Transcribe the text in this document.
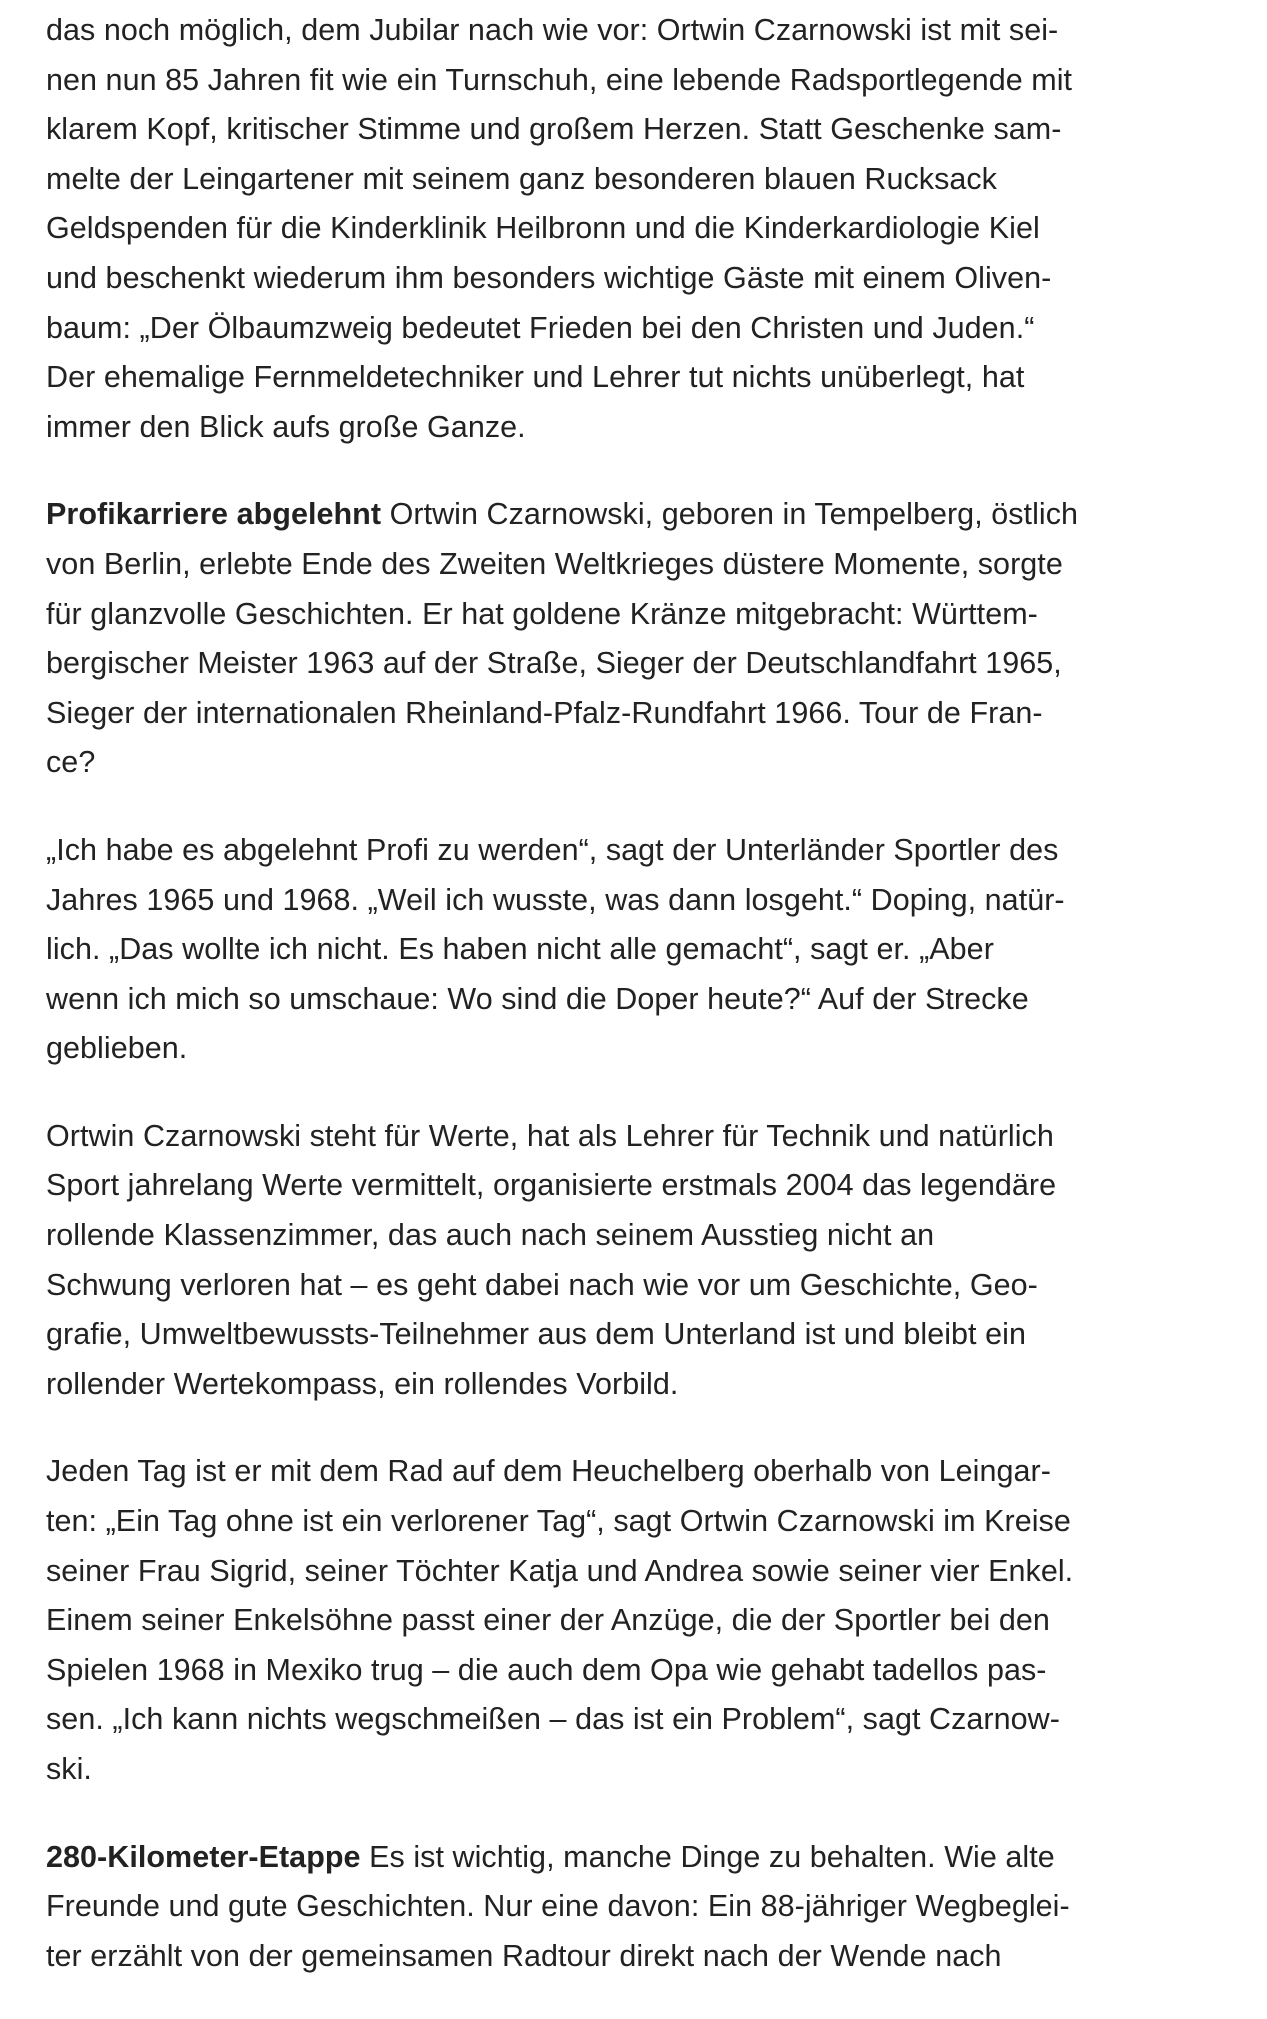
das noch möglich, dem Jubilar nach wie vor: Ortwin Czarnowski ist mit sei-
nen nun 85 Jahren fit wie ein Turnschuh, eine lebende Radsportlegende mit
klarem Kopf, kritischer Stimme und großem Herzen. Statt Geschenke sam-
melte der Leingartener mit seinem ganz besonderen blauen Rucksack
Geldspenden für die Kinderklinik Heilbronn und die Kinderkardiologie Kiel
und beschenkt wiederum ihm besonders wichtige Gäste mit einem Oliven-
baum: „Der Ölbaumzweig bedeutet Frieden bei den Christen und Juden.“
Der ehemalige Fernmeldetechniker und Lehrer tut nichts unüberlegt, hat
immer den Blick aufs große Ganze.

Profikarriere abgelehnt Ortwin Czarnowski, geboren in Tempelberg, östlich
von Berlin, erlebte Ende des Zweiten Weltkrieges düstere Momente, sorgte
für glanzvolle Geschichten. Er hat goldene Kränze mitgebracht: Württem-
bergischer Meister 1963 auf der Straße, Sieger der Deutschlandfahrt 1965,
Sieger der internationalen Rheinland-Pfalz-Rundfahrt 1966. Tour de Fran-
ce?

„Ich habe es abgelehnt Profi zu werden“, sagt der Unterländer Sportler des
Jahres 1965 und 1968. „Weil ich wusste, was dann losgeht.“ Doping, natür-
lich. „Das wollte ich nicht. Es haben nicht alle gemacht“, sagt er. „Aber
wenn ich mich so umschaue: Wo sind die Doper heute?“ Auf der Strecke
geblieben.

Ortwin Czarnowski steht für Werte, hat als Lehrer für Technik und natürlich
Sport jahrelang Werte vermittelt, organisierte erstmals 2004 das legendäre
rollende Klassenzimmer, das auch nach seinem Ausstieg nicht an
Schwung verloren hat – es geht dabei nach wie vor um Geschichte, Geo-
grafie, Umweltbewussts-Teilnehmer aus dem Unterland ist und bleibt ein
rollender Wertekompass, ein rollendes Vorbild.

Jeden Tag ist er mit dem Rad auf dem Heuchelberg oberhalb von Leingar-
ten: „Ein Tag ohne ist ein verlorener Tag“, sagt Ortwin Czarnowski im Kreise
seiner Frau Sigrid, seiner Töchter Katja und Andrea sowie seiner vier Enkel.
Einem seiner Enkelsöhne passt einer der Anzüge, die der Sportler bei den
Spielen 1968 in Mexiko trug – die auch dem Opa wie gehabt tadellos pas-
sen. „Ich kann nichts wegschmeißen – das ist ein Problem“, sagt Czarnow-
ski.

280-Kilometer-Etappe Es ist wichtig, manche Dinge zu behalten. Wie alte
Freunde und gute Geschichten. Nur eine davon: Ein 88-jähriger Wegbeglei-
ter erzählt von der gemeinsamen Radtour direkt nach der Wende nach
